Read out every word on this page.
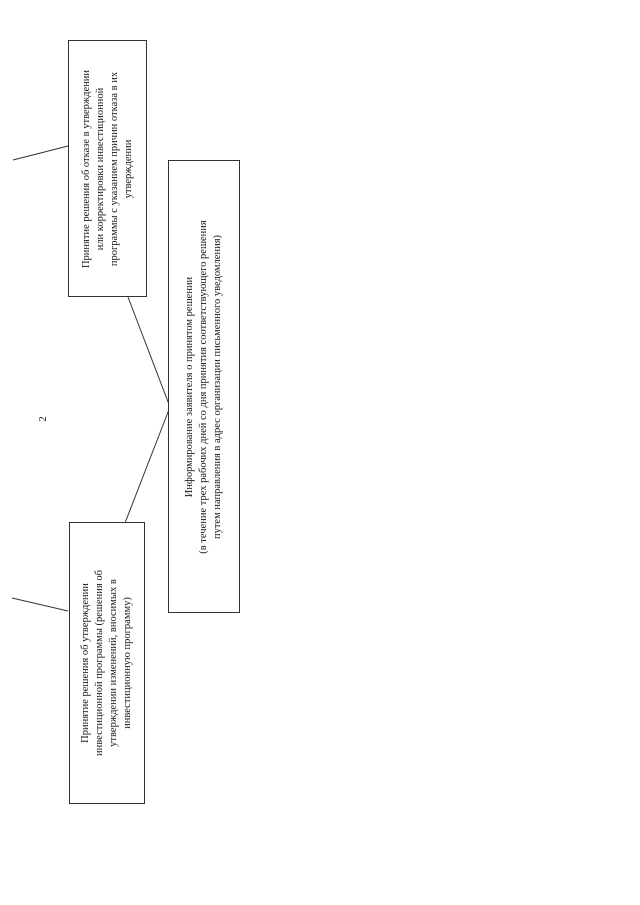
2
Принятие решения об утверждении инвестиционной программы (решения об утверждении изменений, вносимых в инвестиционную программу)
Принятие решения об отказе в утверждении или корректировки инвестиционной программы с указанием причин отказа в их утверждении
Информирование заявителя о принятом решении (в течение трех рабочих дней со дня принятия соответствующего решения путем направления в адрес организации письменного уведомления)
